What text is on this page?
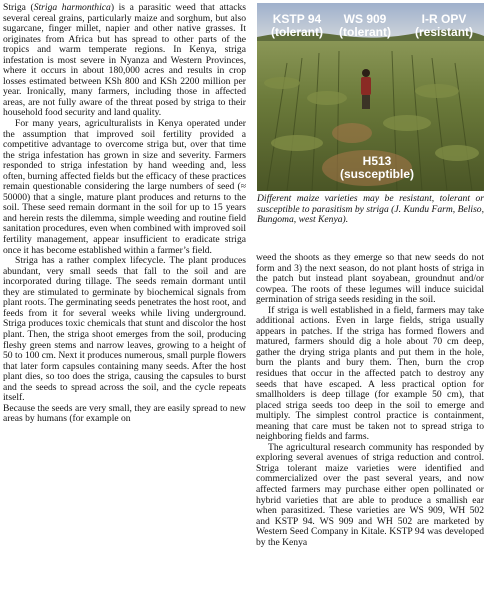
Striga (Striga harmonthica) is a parasitic weed that attacks several cereal grains, particularly maize and sorghum, but also sugarcane, finger millet, napier and other native grasses. It originates from Africa but has spread to other parts of the tropics and warm temperate regions. In Kenya, striga infestation is most severe in Nyanza and Western Provinces, where it occurs in about 180,000 acres and results in crop losses estimated between KSh 800 and KSh 2200 million per year. Ironically, many farmers, including those in affected areas, are not fully aware of the threat posed by striga to their household food security and land quality.

For many years, agriculturalists in Kenya operated under the assumption that improved soil fertility provided a competitive advantage to overcome striga but, over that time the striga infestation has grown in size and severity. Farmers responded to striga infestation by hand weeding and, less often, burning affected fields but the efficacy of these practices remain questionable considering the large numbers of seed (≈ 50000) that a single, mature plant produces and returns to the soil. These seed remain dormant in the soil for up to 15 years and herein rests the dilemma, simple weeding and routine field sanitation procedures, even when combined with improved soil fertility management, appear insufficient to eradicate striga once it has become established within a farmer’s field.

Striga has a rather complex lifecycle. The plant produces abundant, very small seeds that fall to the soil and are incorporated during tillage. The seeds remain dormant until they are stimulated to germinate by biochemical signals from plant roots. The germinating seeds penetrates the host root, and feeds from it for several weeks while living underground. Striga produces toxic chemicals that stunt and discolor the host plant. Then, the striga shoot emerges from the soil, producing fleshy green stems and narrow leaves, growing to a height of 50 to 100 cm. Next it produces numerous, small purple flowers that later form capsules containing many seeds. After the host plant dies, so too does the striga, causing the capsules to burst and the seeds to spread across the soil, and the cycle repeats itself.

Because the seeds are very small, they are easily spread to new areas by humans (for example on

KSTP 94
(tolerant)
WS 909
(tolerant)
I-R OPV
(resistant)
H513
(susceptible)
Different maize varieties may be resistant, tolerant or susceptible to parasitism by striga (J. Kundu Farm, Beliso, Bungoma, west Kenya).

weed the shoots as they emerge so that new seeds do not form and 3) the next season, do not plant hosts of striga in the patch but instead plant soyabean, groundnut and/or cowpea. The roots of these legumes will induce suicidal germination of striga seeds residing in the soil.

If striga is well established in a field, farmers may take additional actions. Even in large fields, striga usually appears in patches. If the striga has formed flowers and matured, farmers should dig a hole about 70 cm deep, gather the drying striga plants and put them in the hole, burn the plants and bury them. Then, burn the crop residues that occur in the affected patch to destroy any seeds that have escaped. A less practical option for smallholders is deep tillage (for example 50 cm), that placed striga seeds too deep in the soil to emerge and multiply. The simplest control practice is containment, meaning that care must be taken not to spread striga to neighboring fields and farms.

The agricultural research community has responded by exploring several avenues of striga reduction and control. Striga tolerant maize varieties were identified and commercialized over the past several years, and now affected farmers may purchase either open pollinated or hybrid varieties that are able to produce a smallish ear when parasitized. These varieties are WS 909, WH 502 and KSTP 94. WS 909 and WH 502 are marketed by Western Seed Company in Kitale. KSTP 94 was developed by the Kenya
